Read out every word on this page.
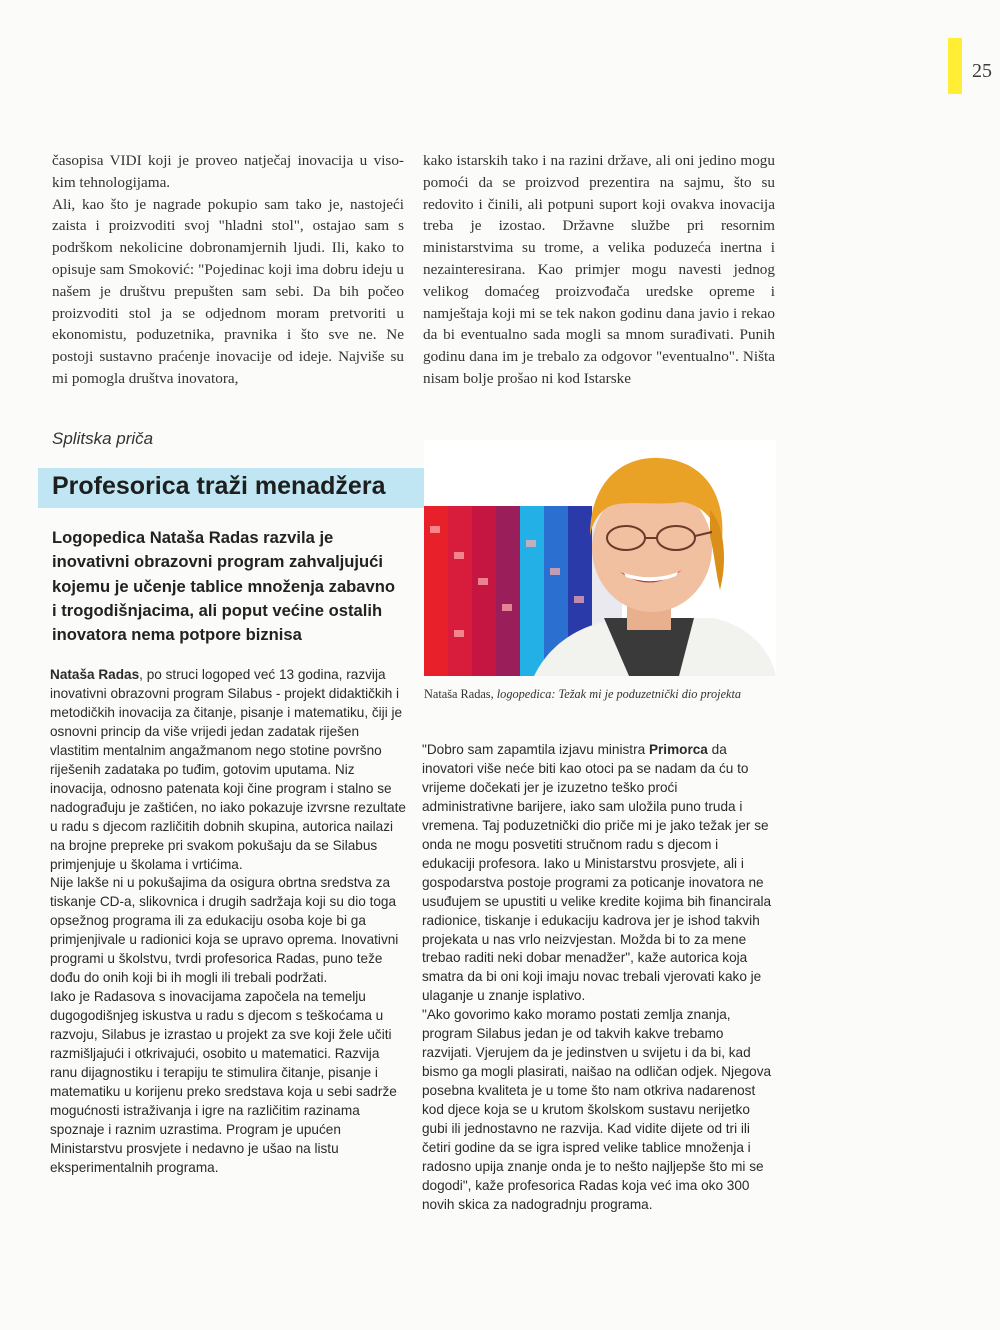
25

časopisa VIDI koji je proveo natječaj inovacija u viso-kim tehnologijama.

Ali, kao što je nagrade pokupio sam tako je, nastojeći zaista i proizvoditi svoj "hladni stol", ostajao sam s podrškom nekolicine dobronamjernih ljudi. Ili, kako to opisuje sam Smoković: "Pojedinac koji ima dobru ideju u našem je društvu prepušten sam sebi. Da bih počeo proizvoditi stol ja se odjednom moram pretvoriti u ekonomistu, poduzetnika, pravnika i što sve ne. Ne postoji sustavno praćenje inovacije od ideje. Najviše su mi pomogla društva inovatora,

kako istarskih tako i na razini države, ali oni jedino mogu pomoći da se proizvod prezentira na sajmu, što su redovito i činili, ali potpuni suport koji ovakva inovacija treba je izostao. Državne službe pri resornim ministarstvima su trome, a velika poduzeća inertna i nezainteresirana. Kao primjer mogu navesti jednog velikog domaćeg proizvođača uredske opreme i namještaja koji mi se tek nakon godinu dana javio i rekao da bi eventualno sada mogli sa mnom surađivati. Punih godinu dana im je trebalo za odgovor "eventualno". Ništa nisam bolje prošao ni kod Istarske

Splitska priča
Profesorica traži menadžera
Logopedica Nataša Radas razvila je inovativni obrazovni program zahvaljujući kojemu je učenje tablice množenja zabavno i trogodišnjacima, ali poput većine ostalih inovatora nema potpore biznisa

Nataša Radas, po struci logoped već 13 godina, razvija inovativni obrazovni program Silabus - projekt didaktičkih i metodičkih inovacija za čitanje, pisanje i matematiku, čiji je osnovni princip da više vrijedi jedan zadatak riješen vlastitim mentalnim angažmanom nego stotine površno riješenih zadataka po tuđim, gotovim uputama. Niz inovacija, odnosno patenata koji čine program i stalno se nadograđuju je zaštićen, no iako pokazuje izvrsne rezultate u radu s djecom različitih dobnih skupina, autorica nailazi na brojne prepreke pri svakom pokušaju da se Silabus primjenjuje u školama i vrtićima.

Nije lakše ni u pokušajima da osigura obrtna sredstva za tiskanje CD-a, slikovnica i drugih sadržaja koji su dio toga opsežnog programa ili za edukaciju osoba koje bi ga primjenjivale u radionici koja se upravo oprema. Inovativni programi u školstvu, tvrdi profesorica Radas, puno teže dođu do onih koji bi ih mogli ili trebali podržati.

Iako je Radasova s inovacijama započela na temelju dugogodišnjeg iskustva u radu s djecom s teškoćama u razvoju, Silabus je izrastao u projekt za sve koji žele učiti razmišljajući i otkrivajući, osobito u matematici. Razvija ranu dijagnostiku i terapiju te stimulira čitanje, pisanje i matematiku u korijenu preko sredstava koja u sebi sadrže mogućnosti istraživanja i igre na različitim razinama spoznaje i raznim uzrastima. Program je upućen Ministarstvu prosvjete i nedavno je ušao na listu eksperimentalnih programa.

Nataša Radas, logopedica: Težak mi je poduzetnički dio projekta

"Dobro sam zapamtila izjavu ministra Primorca da inovatori više neće biti kao otoci pa se nadam da ću to vrijeme dočekati jer je izuzetno teško proći administrativne barijere, iako sam uložila puno truda i vremena. Taj poduzetnički dio priče mi je jako težak jer se onda ne mogu posvetiti stručnom radu s djecom i edukaciji profesora. Iako u Ministarstvu prosvjete, ali i gospodarstva postoje programi za poticanje inovatora ne usuđujem se upustiti u velike kredite kojima bih financirala radionice, tiskanje i edukaciju kadrova jer je ishod takvih projekata u nas vrlo neizvjestan. Možda bi to za mene trebao raditi neki dobar menadžer", kaže autorica koja smatra da bi oni koji imaju novac trebali vjerovati kako je ulaganje u znanje isplativo.

"Ako govorimo kako moramo postati zemlja znanja, program Silabus jedan je od takvih kakve trebamo razvijati. Vjerujem da je jedinstven u svijetu i da bi, kad bismo ga mogli plasirati, naišao na odličan odjek. Njegova posebna kvaliteta je u tome što nam otkriva nadarenost kod djece koja se u krutom školskom sustavu nerijetko gubi ili jednostavno ne razvija. Kad vidite dijete od tri ili četiri godine da se igra ispred velike tablice množenja i radosno upija znanje onda je to nešto najljepše što mi se dogodi", kaže profesorica Radas koja već ima oko 300 novih skica za nadogradnju programa.
